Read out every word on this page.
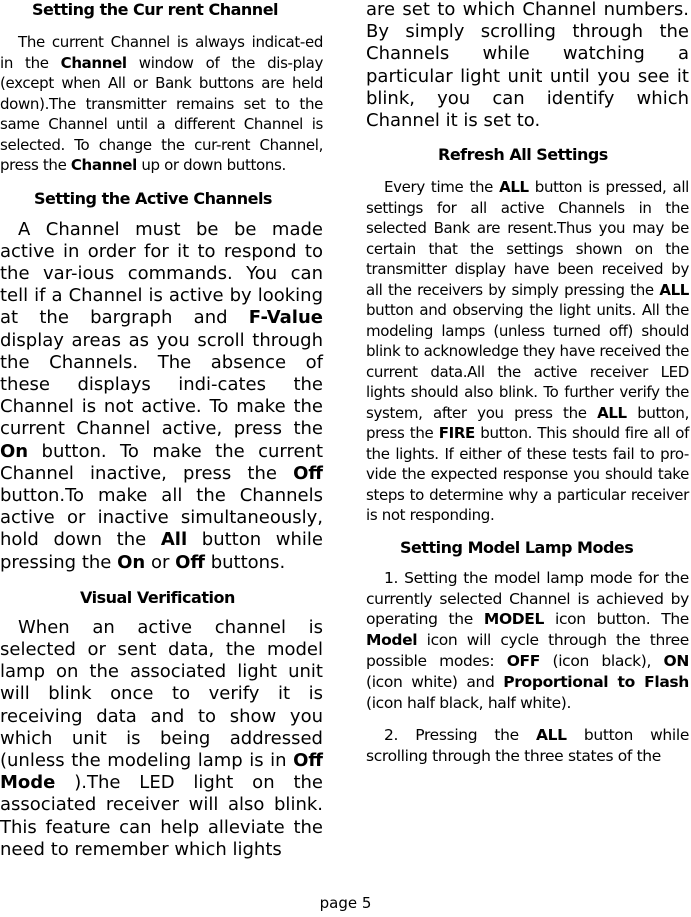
Setting the Cur rent Channel

The current Channel is always indicat-ed in the Channel window of the dis-play (except when All or Bank buttons are held down).The transmitter remains set to the same Channel until a different Channel is selected. To change the cur-rent Channel, press the Channel up or down buttons.

Setting the Active Channels

A Channel must be be made active in order for it to respond to the var-ious commands. You can tell if a Channel is active by looking at the bargraph and F-Value display areas as you scroll through the Channels. The absence of these displays indi-cates the Channel is not active. To make the current Channel active, press the On button. To make the current Channel inactive, press the Off button.To make all the Channels active or inactive simultaneously, hold down the All button while pressing the On or Off buttons.

Visual Verification

When an active channel is selected or sent data, the model lamp on the associated light unit will blink once to verify it is receiving data and to show you which unit is being addressed (unless the modeling lamp is in Off Mode ).The LED light on the associated receiver will also blink. This feature can help alleviate the need to remember which lights

are set to which Channel numbers. By simply scrolling through the Channels while watching a particular light unit until you see it blink, you can identify which Channel it is set to.

Refresh All Settings

Every time the ALL button is pressed, all settings for all active Channels in the selected Bank are resent.Thus you may be certain that the settings shown on the transmitter display have been received by all the receivers by simply pressing the ALL button and observing the light units. All the modeling lamps (unless turned off) should blink to acknowledge they have received the current data.All the active receiver LED lights should also blink. To further verify the system, after you press the ALL button, press the FIRE button. This should fire all of the lights. If either of these tests fail to pro-vide the expected response you should take steps to determine why a particular receiver is not responding.

Setting Model Lamp Modes

1. Setting the model lamp mode for the currently selected Channel is achieved by operating the MODEL icon button. The Model icon will cycle through the three possible modes: OFF (icon black), ON (icon white) and Proportional to Flash (icon half black, half white).

2. Pressing the ALL button while scrolling through the three states of the

page 5
